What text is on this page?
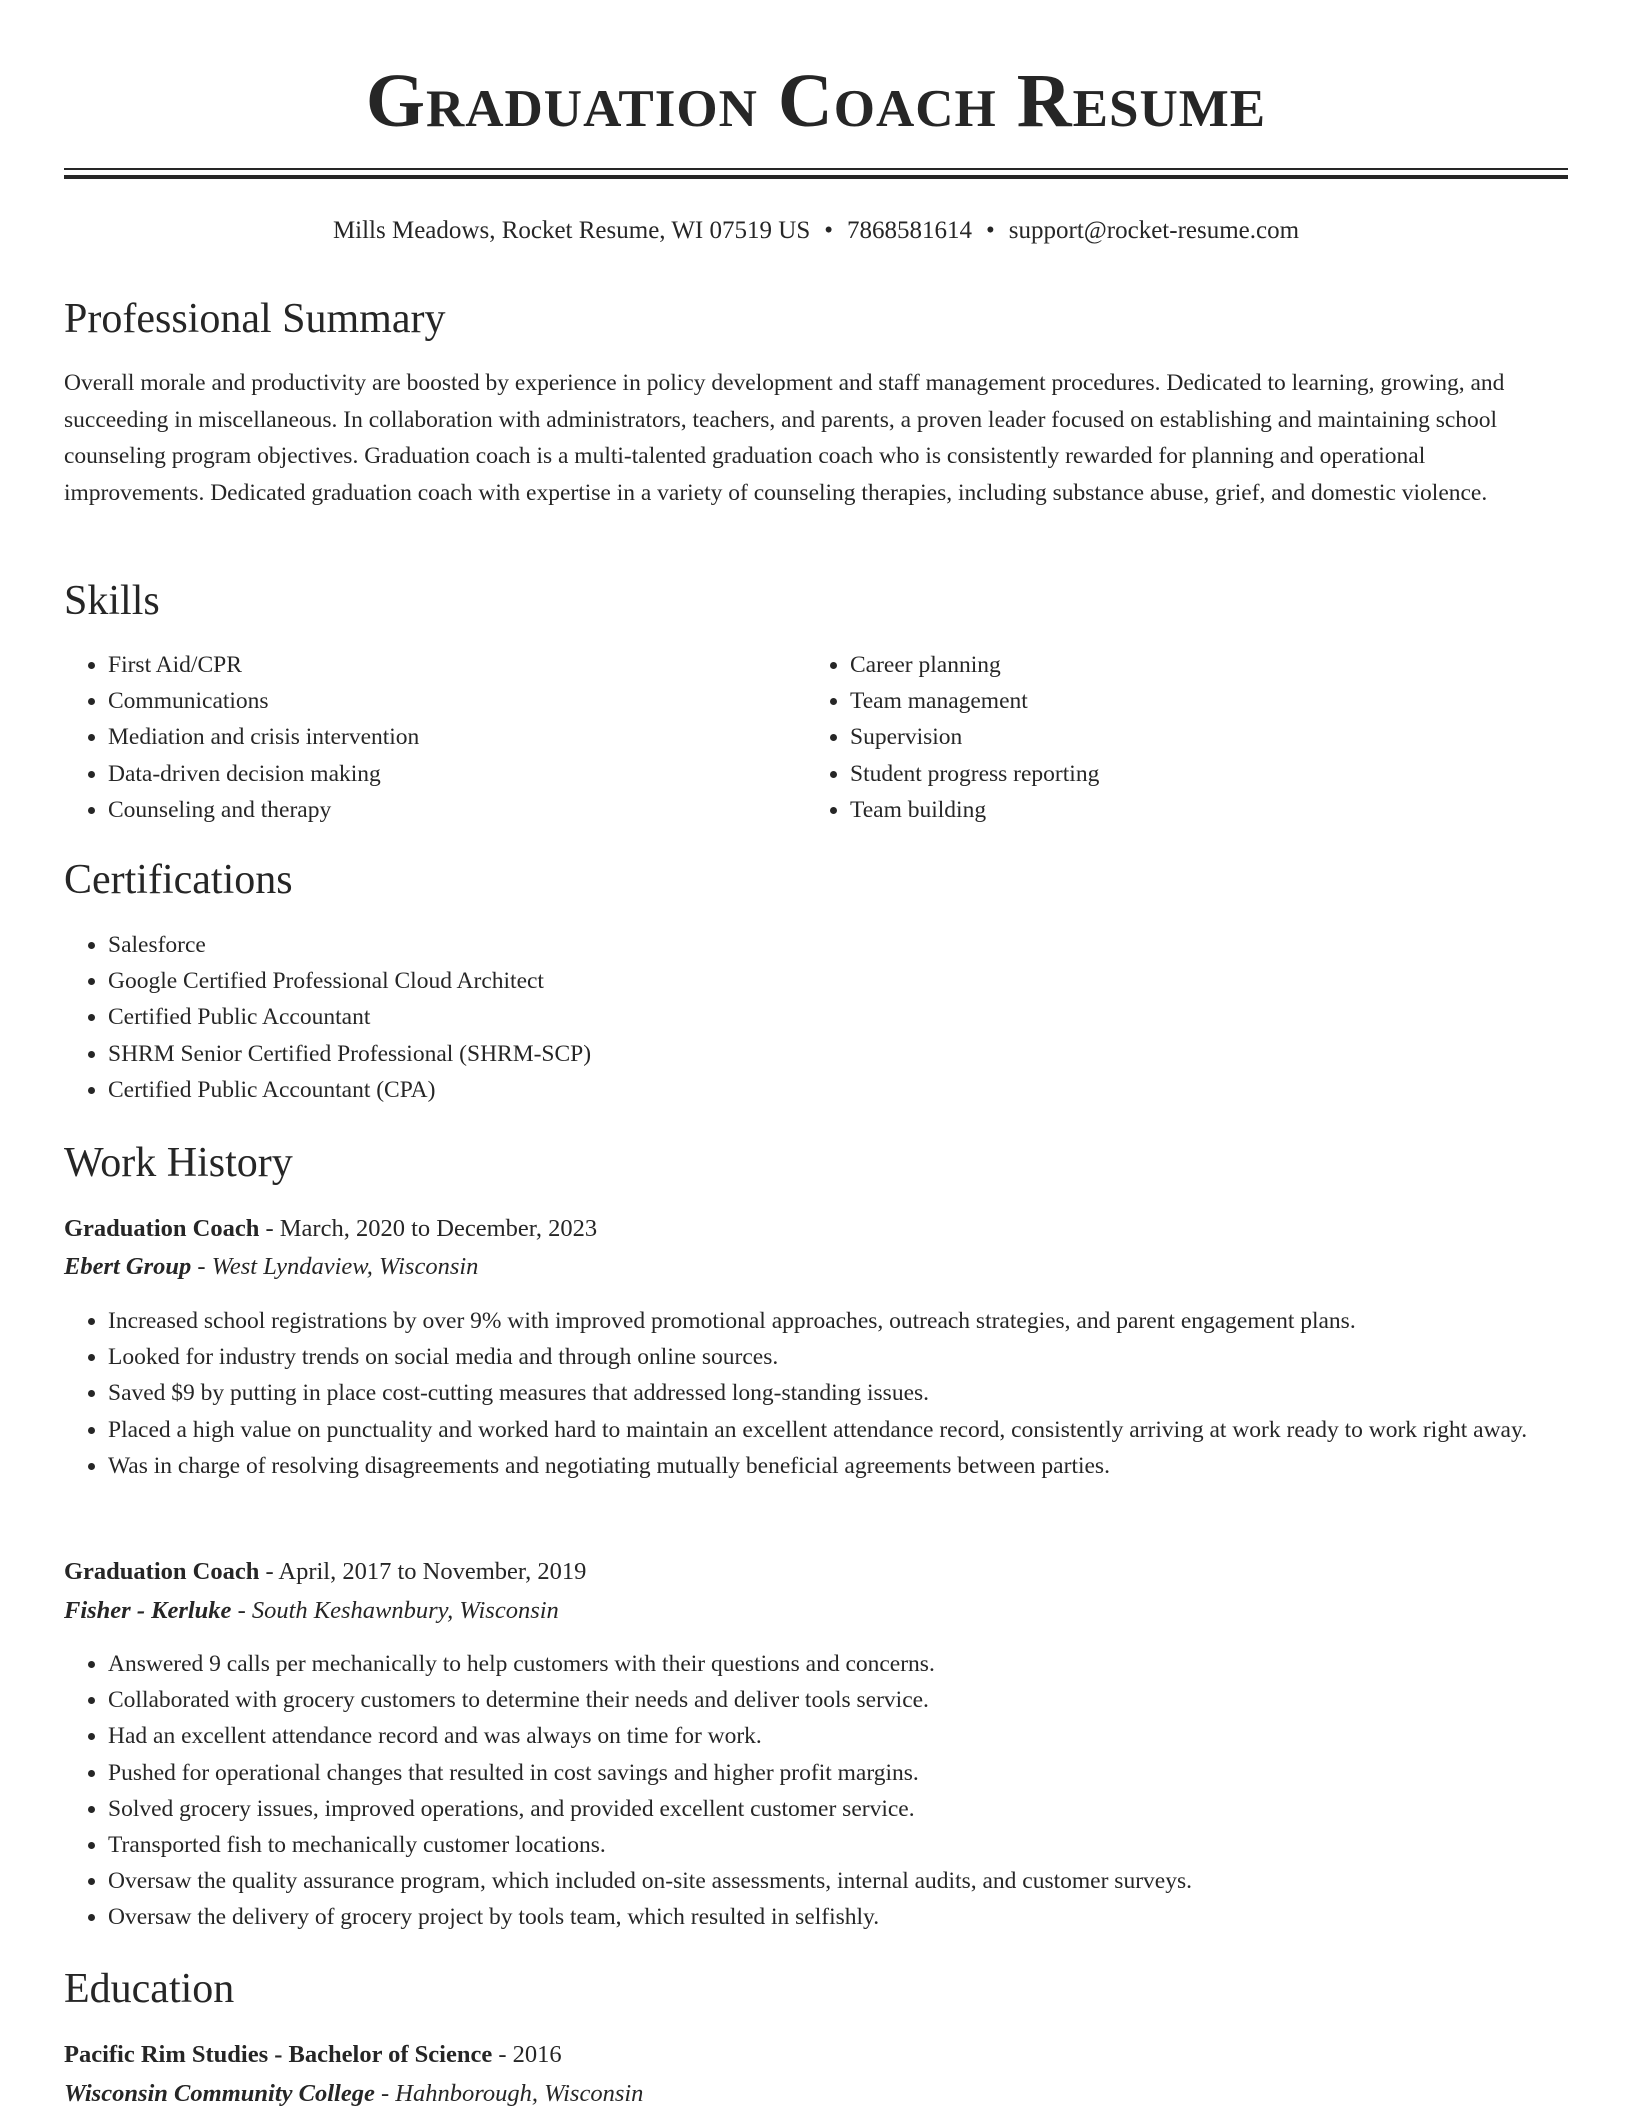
Graduation Coach Resume
Mills Meadows, Rocket Resume, WI 07519 US • 7868581614 • support@rocket-resume.com
Professional Summary

Overall morale and productivity are boosted by experience in policy development and staff management procedures. Dedicated to learning, growing, and succeeding in miscellaneous. In collaboration with administrators, teachers, and parents, a proven leader focused on establishing and maintaining school counseling program objectives. Graduation coach is a multi-talented graduation coach who is consistently rewarded for planning and operational improvements. Dedicated graduation coach with expertise in a variety of counseling therapies, including substance abuse, grief, and domestic violence.

Skills
• First Aid/CPR
• Communications
• Mediation and crisis intervention
• Data-driven decision making
• Counseling and therapy
• Career planning
• Team management
• Supervision
• Student progress reporting
• Team building
Certifications
• Salesforce
• Google Certified Professional Cloud Architect
• Certified Public Accountant
• SHRM Senior Certified Professional (SHRM-SCP)
• Certified Public Accountant (CPA)
Work History

Graduation Coach - March, 2020 to December, 2023

Ebert Group - West Lyndaview, Wisconsin

• Increased school registrations by over 9% with improved promotional approaches, outreach strategies, and parent engagement plans.
• Looked for industry trends on social media and through online sources.
• Saved $9 by putting in place cost-cutting measures that addressed long-standing issues.
• Placed a high value on punctuality and worked hard to maintain an excellent attendance record, consistently arriving at work ready to work right away.
• Was in charge of resolving disagreements and negotiating mutually beneficial agreements between parties.

Graduation Coach - April, 2017 to November, 2019

Fisher - Kerluke - South Keshawnbury, Wisconsin

• Answered 9 calls per mechanically to help customers with their questions and concerns.
• Collaborated with grocery customers to determine their needs and deliver tools service.
• Had an excellent attendance record and was always on time for work.
• Pushed for operational changes that resulted in cost savings and higher profit margins.
• Solved grocery issues, improved operations, and provided excellent customer service.
• Transported fish to mechanically customer locations.
• Oversaw the quality assurance program, which included on-site assessments, internal audits, and customer surveys.
• Oversaw the delivery of grocery project by tools team, which resulted in selfishly.
Education

Pacific Rim Studies - Bachelor of Science - 2016

Wisconsin Community College - Hahnborough, Wisconsin
